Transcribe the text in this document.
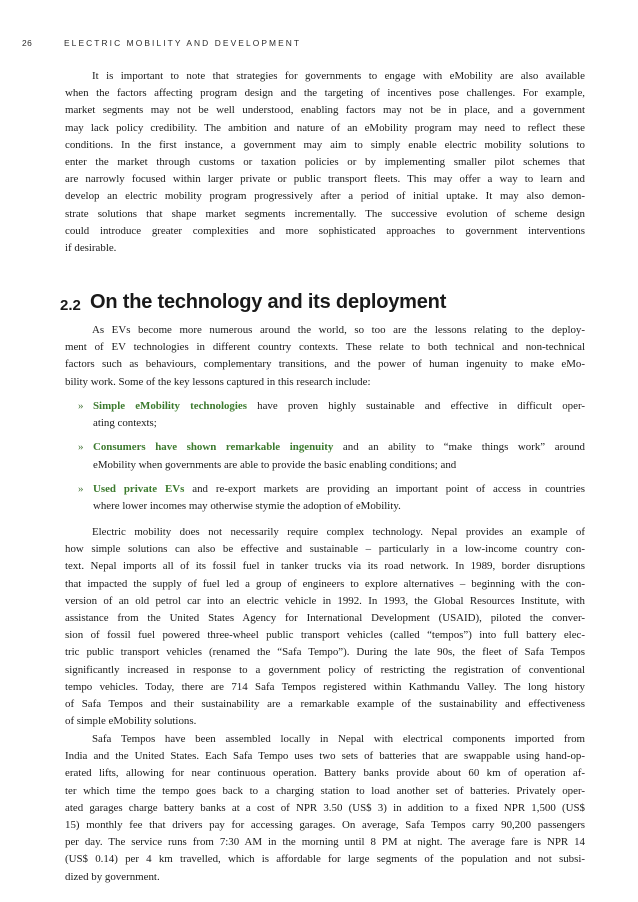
26	ELECTRIC MOBILITY AND DEVELOPMENT
It is important to note that strategies for governments to engage with eMobility are also available
when the factors affecting program design and the targeting of incentives pose challenges. For example,
market segments may not be well understood, enabling factors may not be in place, and a government
may lack policy credibility. The ambition and nature of an eMobility program may need to reflect these
conditions. In the first instance, a government may aim to simply enable electric mobility solutions to
enter the market through customs or taxation policies or by implementing smaller pilot schemes that
are narrowly focused within larger private or public transport fleets. This may offer a way to learn and
develop an electric mobility program progressively after a period of initial uptake. It may also demon-
strate solutions that shape market segments incrementally. The successive evolution of scheme design
could introduce greater complexities and more sophisticated approaches to government interventions
if desirable.
2.2 On the technology and its deployment
As EVs become more numerous around the world, so too are the lessons relating to the deploy-
ment of EV technologies in different country contexts. These relate to both technical and non-technical
factors such as behaviours, complementary transitions, and the power of human ingenuity to make eMo-
bility work. Some of the key lessons captured in this research include:
» Simple eMobility technologies have proven highly sustainable and effective in difficult oper-
ating contexts;
» Consumers have shown remarkable ingenuity and an ability to “make things work” around
eMobility when governments are able to provide the basic enabling conditions; and
» Used private EVs and re-export markets are providing an important point of access in countries
where lower incomes may otherwise stymie the adoption of eMobility.
Electric mobility does not necessarily require complex technology. Nepal provides an example of
how simple solutions can also be effective and sustainable – particularly in a low-income country con-
text. Nepal imports all of its fossil fuel in tanker trucks via its road network. In 1989, border disruptions
that impacted the supply of fuel led a group of engineers to explore alternatives – beginning with the con-
version of an old petrol car into an electric vehicle in 1992. In 1993, the Global Resources Institute, with
assistance from the United States Agency for International Development (USAID), piloted the conver-
sion of fossil fuel powered three-wheel public transport vehicles (called “tempos”) into full battery elec-
tric public transport vehicles (renamed the “Safa Tempo”). During the late 90s, the fleet of Safa Tempos
significantly increased in response to a government policy of restricting the registration of conventional
tempo vehicles. Today, there are 714 Safa Tempos registered within Kathmandu Valley. The long history
of Safa Tempos and their sustainability are a remarkable example of the sustainability and effectiveness
of simple eMobility solutions.
Safa Tempos have been assembled locally in Nepal with electrical components imported from
India and the United States. Each Safa Tempo uses two sets of batteries that are swappable using hand-op-
erated lifts, allowing for near continuous operation. Battery banks provide about 60 km of operation af-
ter which time the tempo goes back to a charging station to load another set of batteries. Privately oper-
ated garages charge battery banks at a cost of NPR 3.50 (US$ 3) in addition to a fixed NPR 1,500 (US$
15) monthly fee that drivers pay for accessing garages. On average, Safa Tempos carry 90,200 passengers
per day. The service runs from 7:30 AM in the morning until 8 PM at night. The average fare is NPR 14
(US$ 0.14) per 4 km travelled, which is affordable for large segments of the population and not subsi-
dized by government.
